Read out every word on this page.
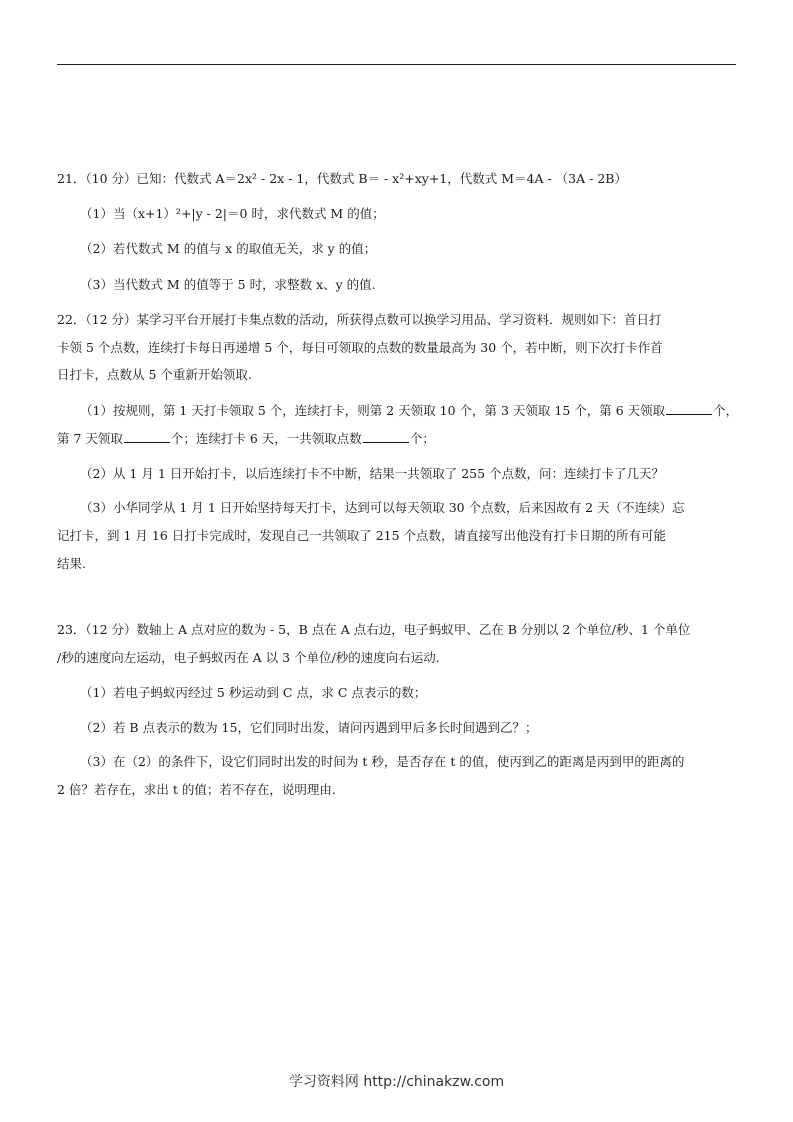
21．（10 分）已知：代数式 A＝2x² - 2x - 1，代数式 B＝ - x²+xy+1，代数式 M＝4A - （3A - 2B）
（1）当（x+1）²+|y - 2|＝0 时，求代数式 M 的值；
（2）若代数式 M 的值与 x 的取值无关，求 y 的值；
（3）当代数式 M 的值等于 5 时，求整数 x、y 的值.
22．（12 分）某学习平台开展打卡集点数的活动，所获得点数可以换学习用品、学习资料．规则如下：首日打
卡领 5 个点数，连续打卡每日再递增 5 个，每日可领取的点数的数量最高为 30 个，若中断，则下次打卡作首
日打卡，点数从 5 个重新开始领取.
（1）按规则，第 1 天打卡领取 5 个，连续打卡，则第 2 天领取 10 个，第 3 天领取 15 个，第 6 天领取	个，
第 7 天领取	个；连续打卡 6 天，一共领取点数	个；
（2）从 1 月 1 日开始打卡，以后连续打卡不中断，结果一共领取了 255 个点数，问：连续打卡了几天？
（3）小华同学从 1 月 1 日开始坚持每天打卡，达到可以每天领取 30 个点数，后来因故有 2 天（不连续）忘
记打卡，到 1 月 16 日打卡完成时，发现自己一共领取了 215 个点数，请直接写出他没有打卡日期的所有可能
结果.
23．（12 分）数轴上 A 点对应的数为 - 5，B 点在 A 点右边，电子蚂蚁甲、乙在 B 分别以 2 个单位/秒、1 个单位
/秒的速度向左运动，电子蚂蚁丙在 A 以 3 个单位/秒的速度向右运动.
（1）若电子蚂蚁丙经过 5 秒运动到 C 点，求 C 点表示的数；
（2）若 B 点表示的数为 15，它们同时出发，请问丙遇到甲后多长时间遇到乙？；
（3）在（2）的条件下，设它们同时出发的时间为 t 秒，是否存在 t 的值，使丙到乙的距离是丙到甲的距离的
2 倍？若存在，求出 t 的值；若不存在，说明理由.
学习资料网 http://chinakzw.com
